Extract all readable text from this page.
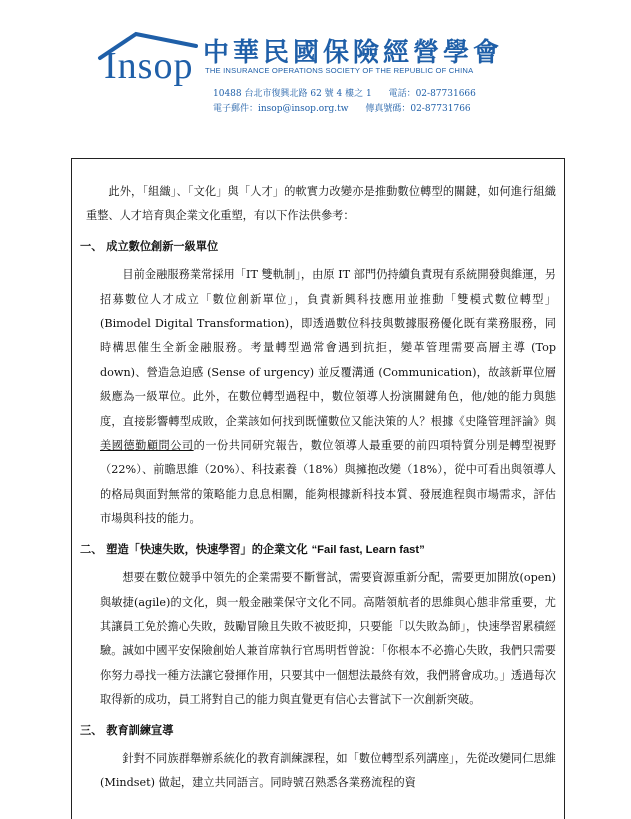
Insop 中華民國保險經營學會
THE INSURANCE OPERATIONS SOCIETY OF THE REPUBLIC OF CHINA
10488 台北市復興北路 62 號 4 樓之 1 電話：02-87731666
電子郵件：insop@insop.org.tw 傳真號碼：02-87731766

此外，「組織」、「文化」與「人才」的軟實力改變亦是推動數位轉型的關鍵，如何進行組織重整、人才培育與企業文化重塑，有以下作法供參考：

一、 成立數位創新一級單位

目前金融服務業常採用「IT 雙軌制」，由原 IT 部門仍持續負責現有系統開發與維運，另招募數位人才成立「數位創新單位」，負責新興科技應用並推動「雙模式數位轉型」(Bimodel Digital Transformation)，即透過數位科技與數據服務優化既有業務服務，同時構思催生全新金融服務。考量轉型過常會遇到抗拒，變革管理需要高層主導 (Top down)、營造急迫感 (Sense of urgency) 並反覆溝通 (Communication)，故該新單位層級應為一級單位。此外，在數位轉型過程中，數位領導人扮演關鍵角色，他/她的能力與態度，直接影響轉型成敗，企業該如何找到既懂數位又能決策的人？根據《史隆管理評論》與美國德勤顧問公司的一份共同研究報告，數位領導人最重要的前四項特質分別是轉型視野（22%）、前瞻思維（20%）、科技素養（18%）與擁抱改變（18%），從中可看出與領導人的格局與面對無常的策略能力息息相關，能夠根據新科技本質、發展進程與市場需求，評估市場與科技的能力。

二、 塑造「快速失敗，快速學習」的企業文化 “Fail fast, Learn fast”

想要在數位競爭中領先的企業需要不斷嘗試，需要資源重新分配，需要更加開放(open)與敏捷(agile)的文化，與一般金融業保守文化不同。高階領航者的思維與心態非常重要，尤其讓員工免於擔心失敗，鼓勵冒險且失敗不被貶抑，只要能「以失敗為師」，快速學習累積經驗。誠如中國平安保險創始人兼首席執行官馬明哲曾說：「你根本不必擔心失敗，我們只需要你努力尋找一種方法讓它發揮作用，只要其中一個想法最終有效，我們將會成功。」透過每次取得新的成功，員工將對自己的能力與直覺更有信心去嘗試下一次創新突破。

三、 教育訓練宣導

針對不同族群舉辦系統化的教育訓練課程，如「數位轉型系列講座」，先從改變同仁思維 (Mindset) 做起，建立共同語言。同時號召熟悉各業務流程的資
